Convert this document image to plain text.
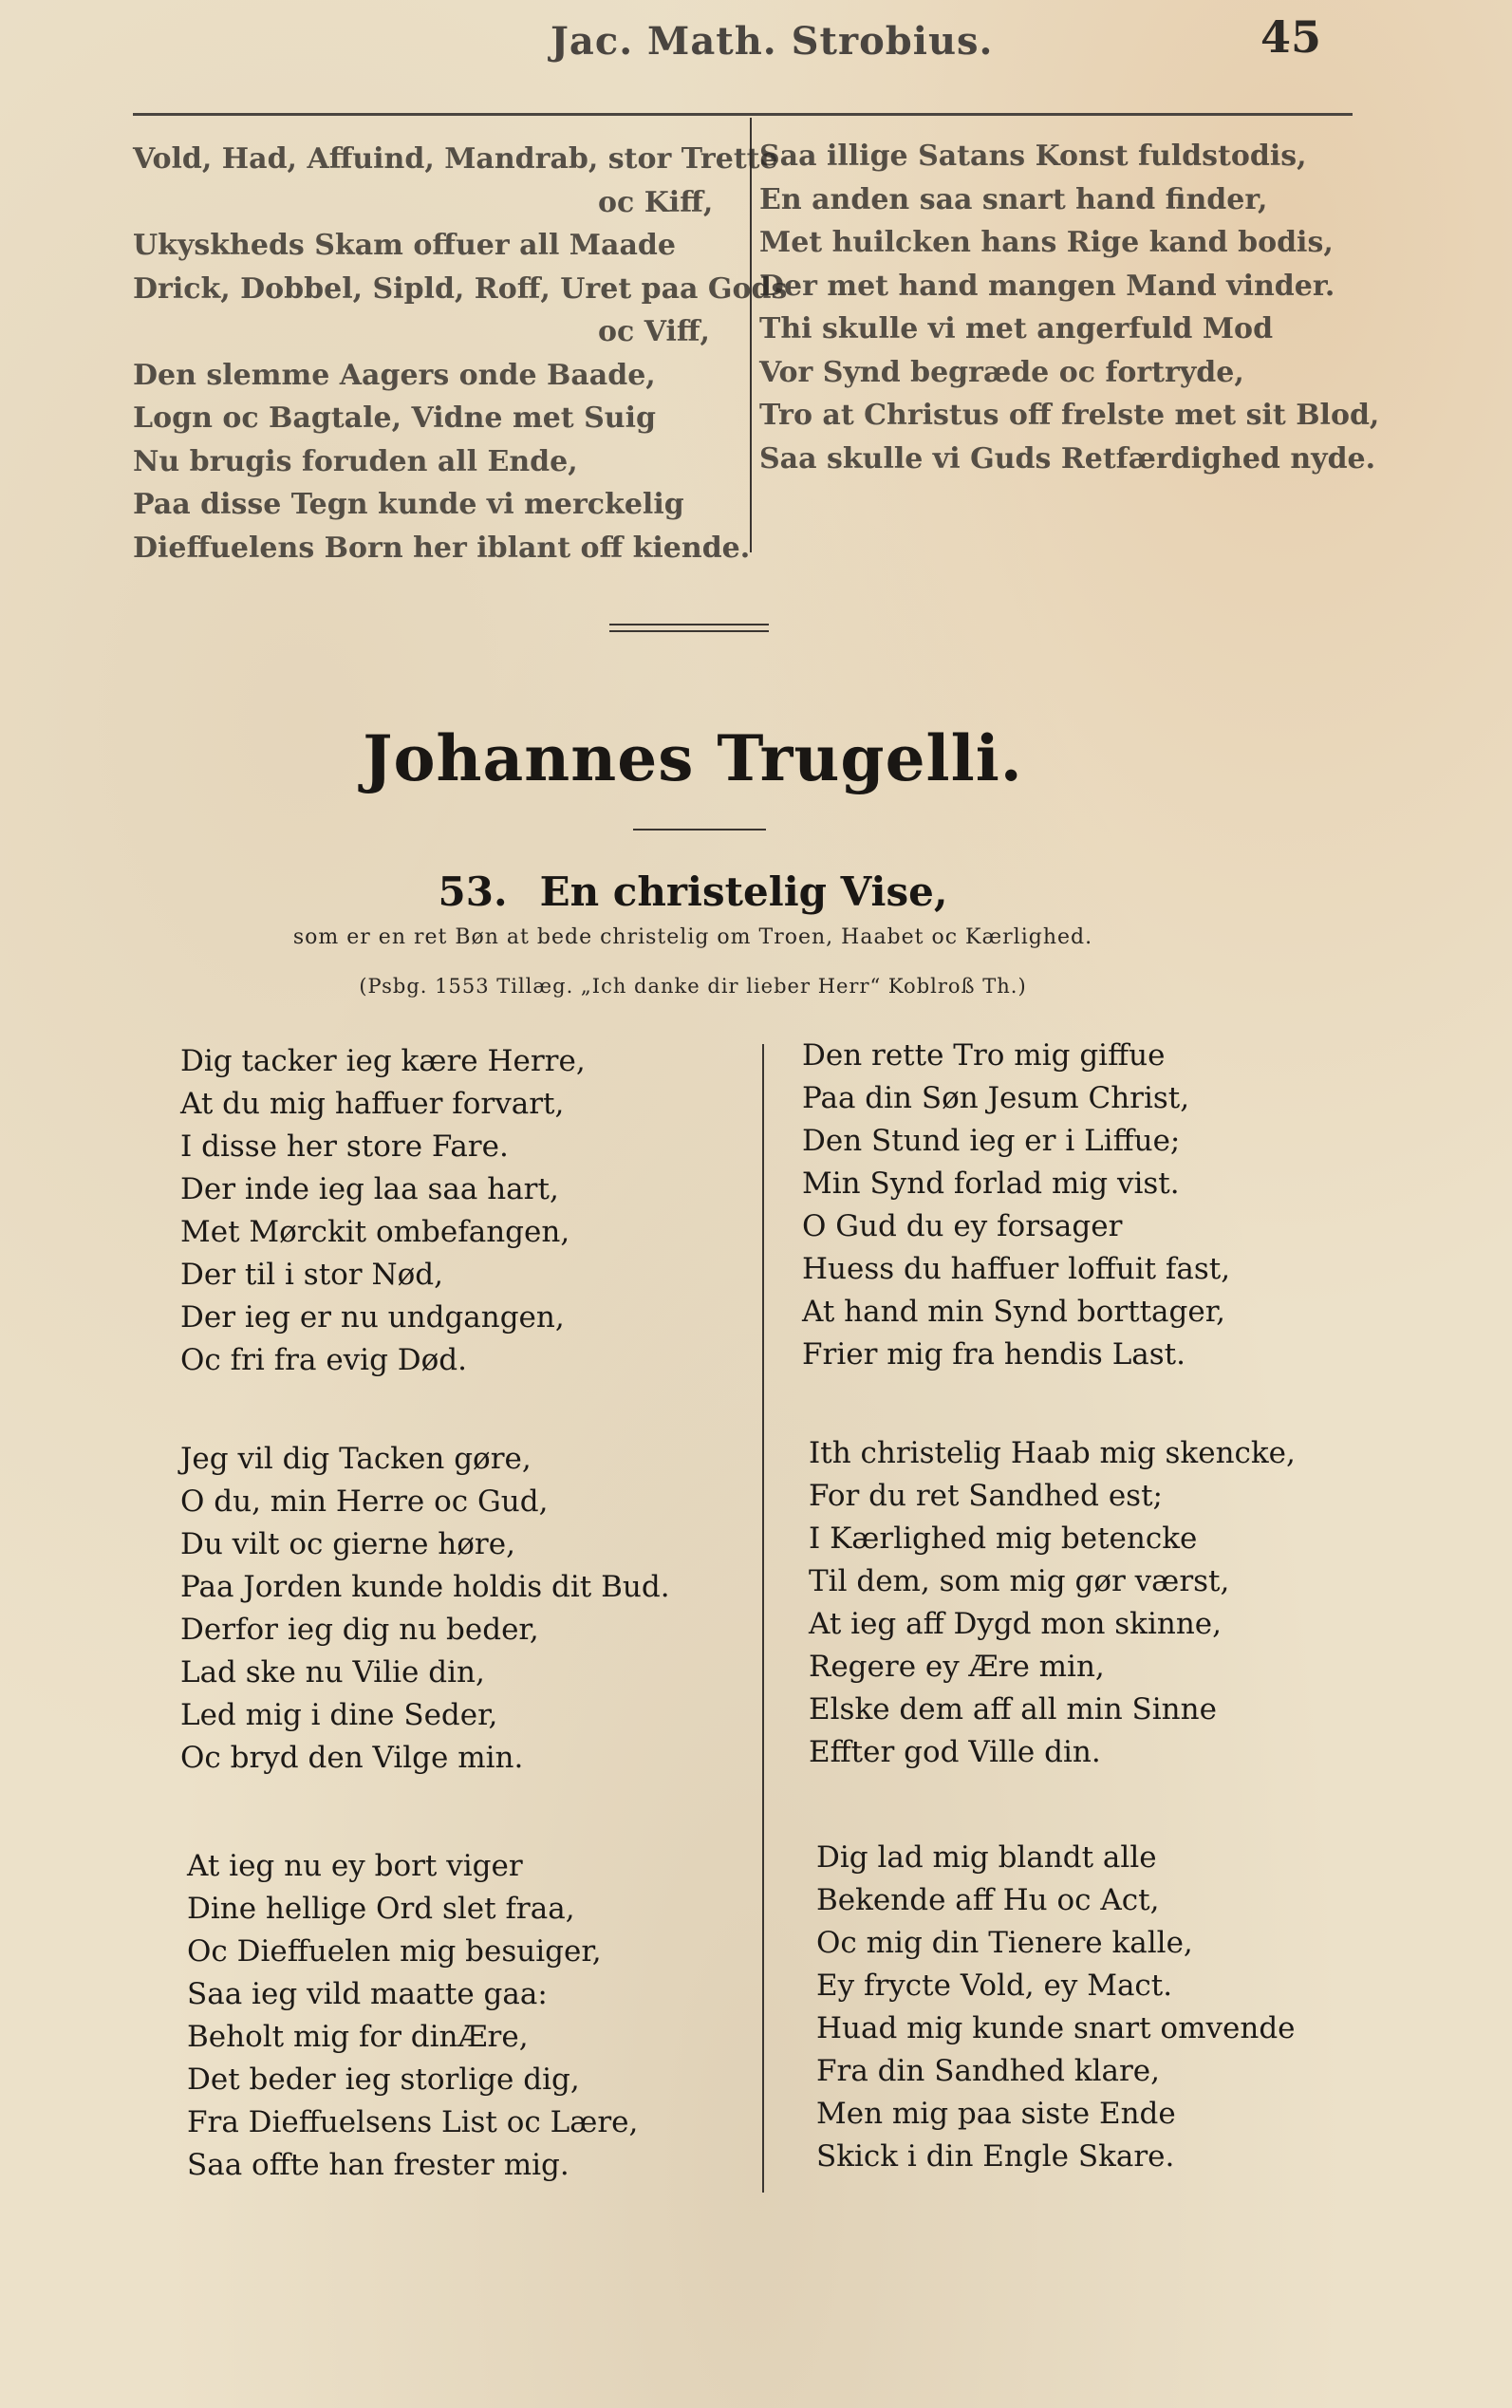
Jac. Math. Strobius.	45
Vold, Had, Affuind, Mandrab, stor Trette
oc Kiff,
Ukyskheds Skam offuer all Maade
Drick, Dobbel, Sipld, Roff, Uret paa Gods
oc Viff,
Den slemme Aagers onde Baade,
Logn oc Bagtale, Vidne met Suig
Nu brugis foruden all Ende,
Paa disse Tegn kunde vi merckelig
Dieffuelens Born her iblant off kiende.
Saa illige Satans Konst fuldstodis,
En anden saa snart hand finder,
Met huilcken hans Rige kand bodis,
Der met hand mangen Mand vinder.
Thi skulle vi met angerfuld Mod
Vor Synd begræde oc fortryde,
Tro at Christus off frelste met sit Blod,
Saa skulle vi Guds Retfærdighed nyde.
Johannes Trugelli.
53. En christelig Vise,
som er en ret Bøn at bede christelig om Troen, Haabet oc Kærlighed.
(Psbg. 1553 Tillæg. „Ich danke dir lieber Herr“ Koblroß Th.)
Dig tacker ieg kære Herre,
At du mig haffuer forvart,
I disse her store Fare.
Der inde ieg laa saa hart,
Met Mørckit ombefangen,
Der til i stor Nød,
Der ieg er nu undgangen,
Oc fri fra evig Død.
Jeg vil dig Tacken gøre,
O du, min Herre oc Gud,
Du vilt oc gierne høre,
Paa Jorden kunde holdis dit Bud.
Derfor ieg dig nu beder,
Lad ske nu Vilie din,
Led mig i dine Seder,
Oc bryd den Vilge min.
At ieg nu ey bort viger
Dine hellige Ord slet fraa,
Oc Dieffuelen mig besuiger,
Saa ieg vild maatte gaa:
Beholt mig for dinÆre,
Det beder ieg storlige dig,
Fra Dieffuelsens List oc Lære,
Saa offte han frester mig.
Den rette Tro mig giffue
Paa din Søn Jesum Christ,
Den Stund ieg er i Liffue;
Min Synd forlad mig vist.
O Gud du ey forsager
Huess du haffuer loffuit fast,
At hand min Synd borttager,
Frier mig fra hendis Last.
Ith christelig Haab mig skencke,
For du ret Sandhed est;
I Kærlighed mig betencke
Til dem, som mig gør værst,
At ieg aff Dygd mon skinne,
Regere ey Ære min,
Elske dem aff all min Sinne
Effter god Ville din.
Dig lad mig blandt alle
Bekende aff Hu oc Act,
Oc mig din Tienere kalle,
Ey frycte Vold, ey Mact.
Huad mig kunde snart omvende
Fra din Sandhed klare,
Men mig paa siste Ende
Skick i din Engle Skare.
